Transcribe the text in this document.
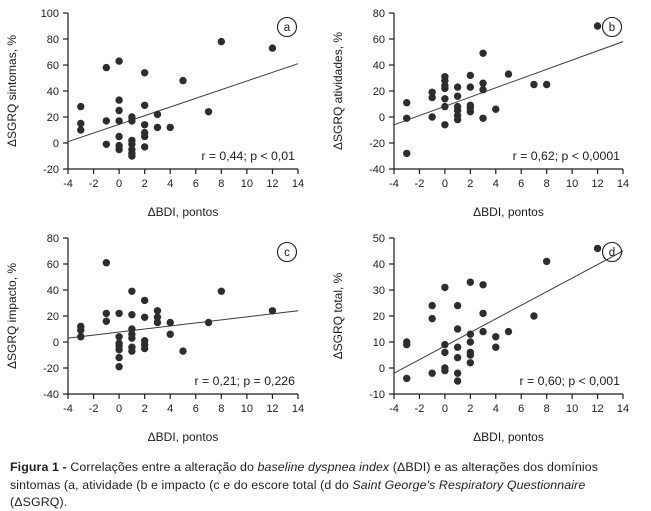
-20
0
20
40
60
80
100
-4 -2 0 2 4 6 8 10 12 14
r = 0,44; p < 0,01
a
ΔSGRQ sintomas, %
ΔBDI, pontos
-40
-20
0
20
40
60
80
-4 -2 0 2 4 6 8 10 12 14
r = 0,62; p < 0,0001
b
ΔSGRQ atividades, %
ΔBDI, pontos
-40
-20
0
20
40
60
80
-4 -2 0 2 4 6 8 10 12 14
r = 0,21; p = 0,226
c
ΔSGRQ impacto, %
ΔBDI, pontos
-10
0
10
20
30
40
50
-4 -2 0 2 4 6 8 10 12 14
r = 0,60; p < 0,001
d
ΔSGRQ total, %
ΔBDI, pontos
Figura 1 - Correlações entre a alteração do baseline dyspnea index (ΔBDI) e as alterações dos domínios sintomas (a, atividade (b e impacto (c e do escore total (d do Saint George's Respiratory Questionnaire (ΔSGRQ).
